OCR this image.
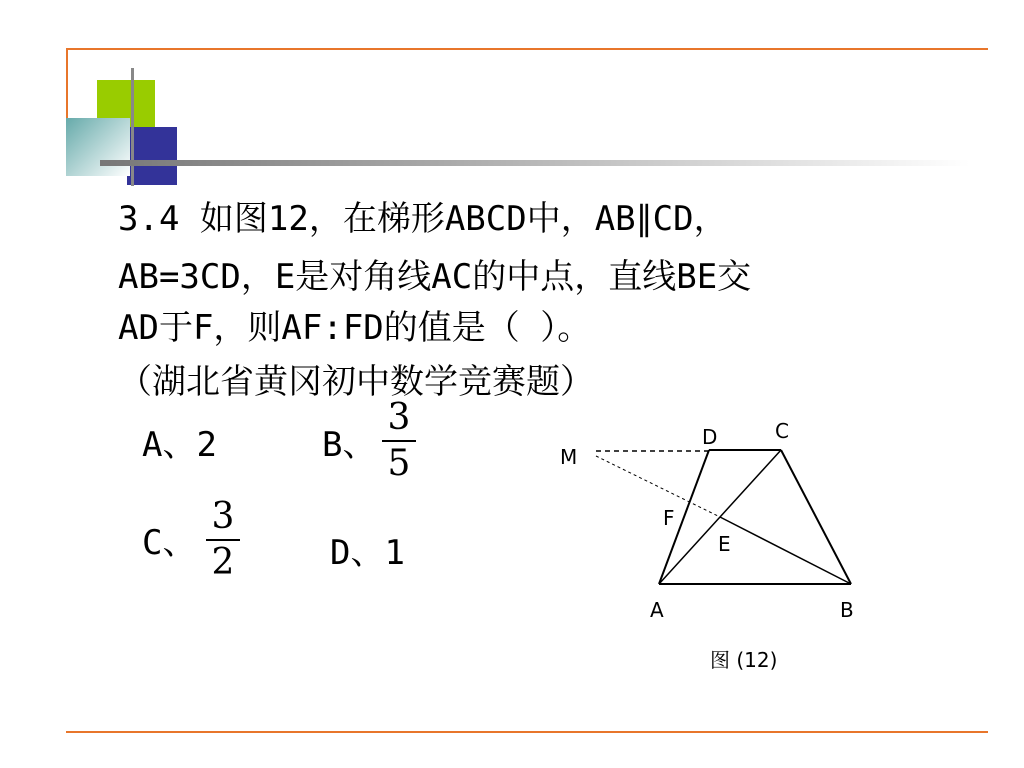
3.4 如图12，在梯形ABCD中，AB∥CD，
AB=3CD，E是对角线AC的中点，直线BE交
AD于F，则AF:FD的值是（ ）。
（湖北省黄冈初中数学竞赛题）
A、2	B、
3
5
C、
3
2	D、1
M
D	C
F
E
A	B
图 (12)
